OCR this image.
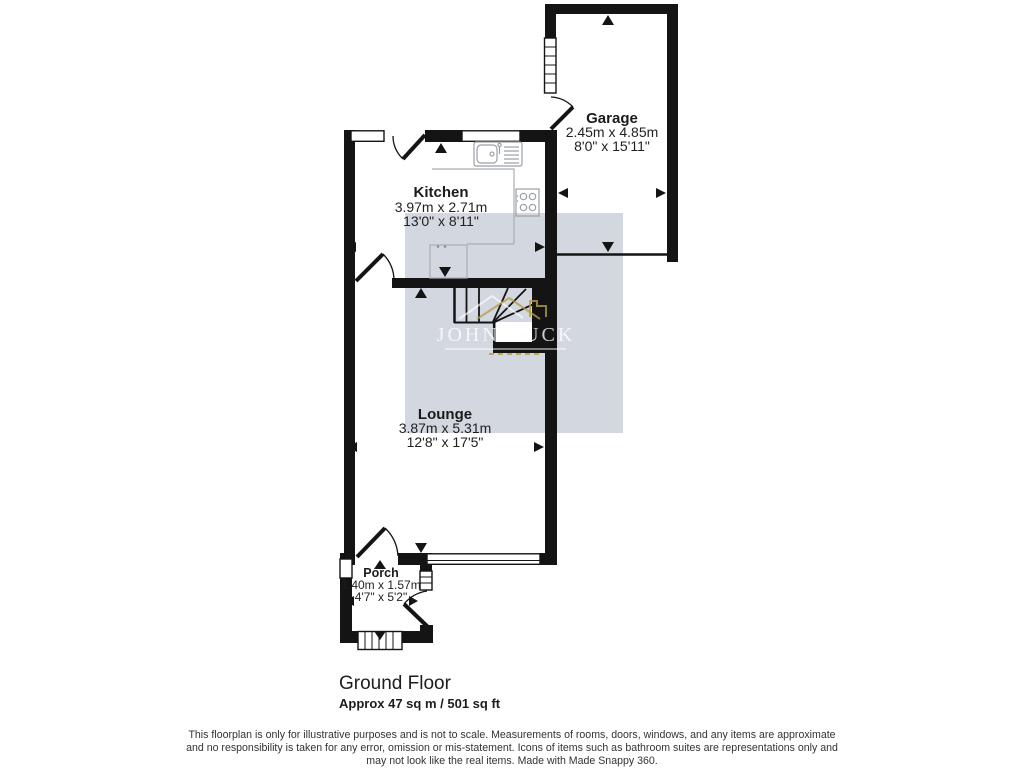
Garage
2.45m x 4.85m
8'0" x 15'11"
Kitchen
3.97m x 2.71m
13'0" x 8'11"
Lounge
3.87m x 5.31m
12'8" x 17'5"
Porch
1.40m x 1.57m
4'7" x 5'2"
JOHN BUCK
Ground Floor
Approx 47 sq m / 501 sq ft
This floorplan is only for illustrative purposes and is not to scale. Measurements of rooms, doors, windows, and any items are approximate
and no responsibility is taken for any error, omission or mis-statement. Icons of items such as bathroom suites are representations only and
may not look like the real items. Made with Made Snappy 360.
